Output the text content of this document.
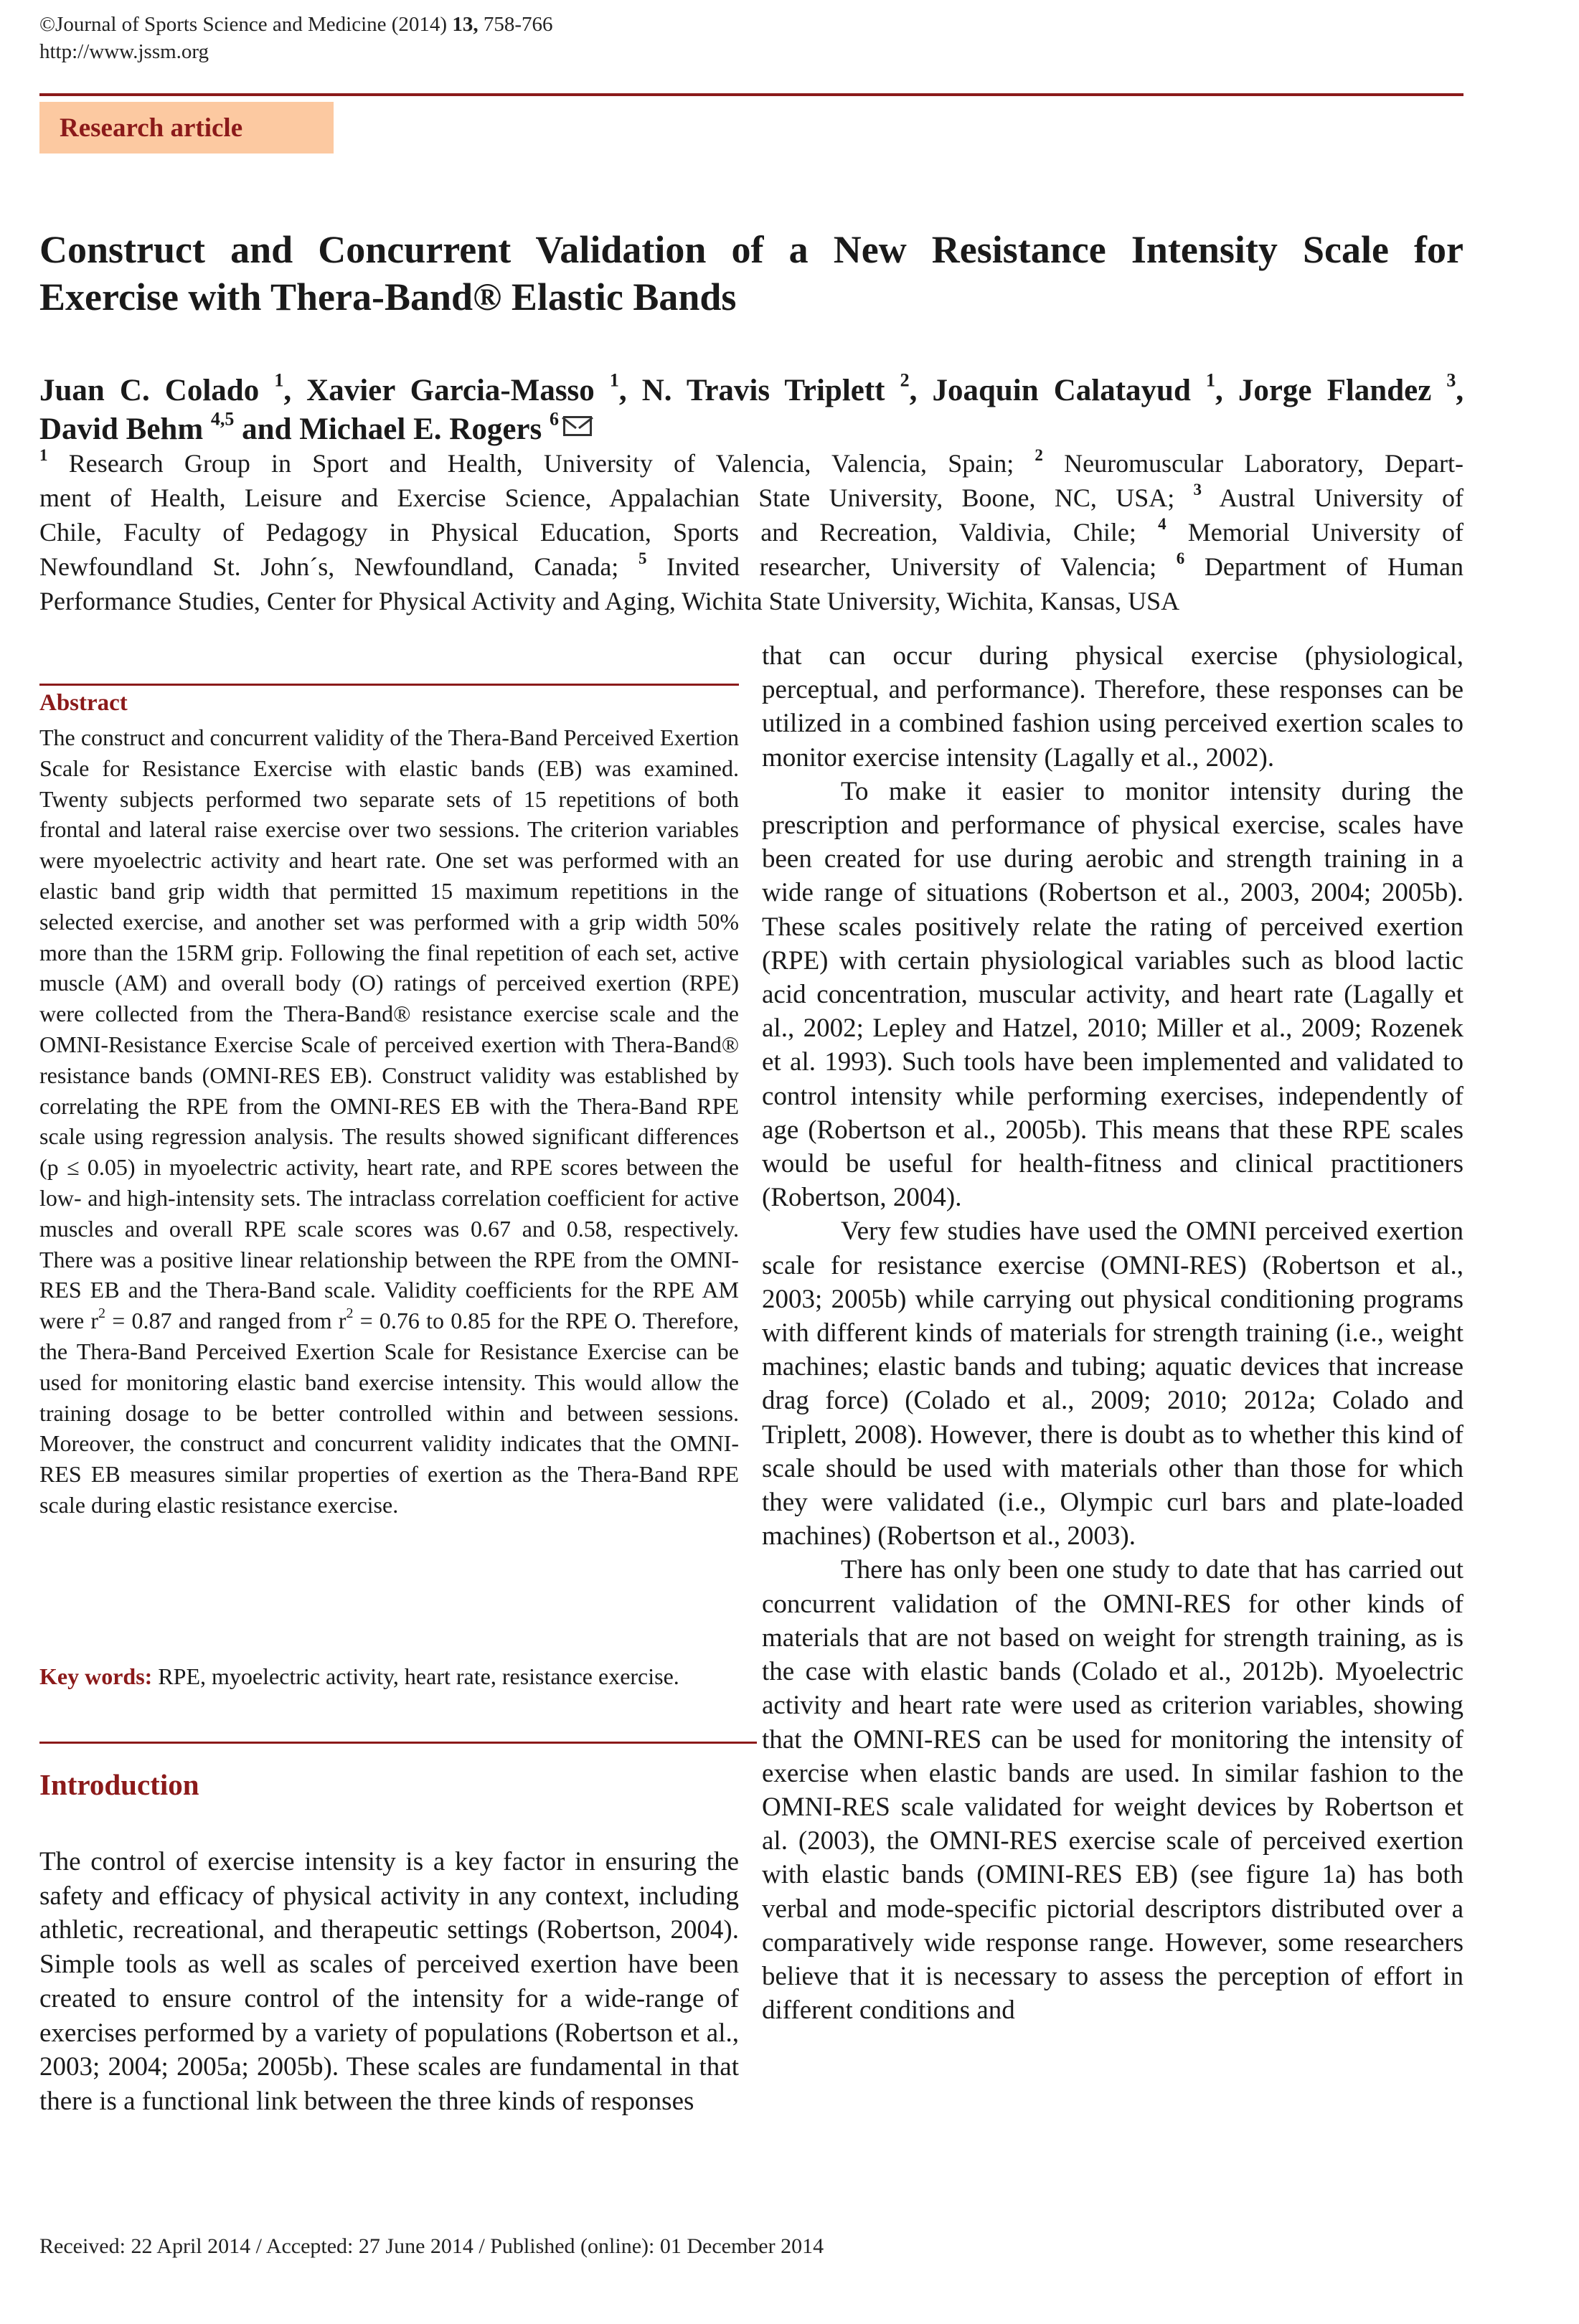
©Journal of Sports Science and Medicine (2014) 13, 758-766
http://www.jssm.org
Research article
Construct and Concurrent Validation of a New Resistance Intensity Scale for
Exercise with Thera-Band® Elastic Bands
Juan C. Colado $^1$, Xavier Garcia-Masso $^1$, N. Travis Triplett $^2$, Joaquin Calatayud $^1$, Jorge Flandez $^3$,
David Behm $^{4,5}$ and Michael E. Rogers $^6$
$^1$ Research Group in Sport and Health, University of Valencia, Valencia, Spain; $^2$ Neuromuscular Laboratory, Depart-
ment of Health, Leisure and Exercise Science, Appalachian State University, Boone, NC, USA; $^3$ Austral University of
Chile, Faculty of Pedagogy in Physical Education, Sports and Recreation, Valdivia, Chile; $^4$ Memorial University of
Newfoundland St. John´s, Newfoundland, Canada; $^5$ Invited researcher, University of Valencia; $^6$ Department of Human
Performance Studies, Center for Physical Activity and Aging, Wichita State University, Wichita, Kansas, USA
Abstract
The construct and concurrent validity of the Thera-Band Perceived Exertion Scale for Resistance Exercise with elastic bands (EB) was examined. Twenty subjects performed two separate sets of 15 repetitions of both frontal and lateral raise exercise over two sessions. The criterion variables were myoelectric activity and heart rate. One set was performed with an elastic band grip width that permitted 15 maximum repetitions in the selected exercise, and another set was performed with a grip width 50% more than the 15RM grip. Following the final repetition of each set, active muscle (AM) and overall body (O) ratings of perceived exertion (RPE) were collected from the Thera-Band® resistance exercise scale and the OMNI-Resistance Exercise Scale of perceived exertion with Thera-Band® resistance bands (OMNI-RES EB). Construct validity was established by correlating the RPE from the OMNI-RES EB with the Thera-Band RPE scale using regression analysis. The results showed significant differences (p ≤ 0.05) in myoelectric activity, heart rate, and RPE scores between the low- and high-intensity sets. The intraclass correlation coefficient for active muscles and overall RPE scale scores was 0.67 and 0.58, respectively. There was a positive linear relationship between the RPE from the OMNI-RES EB and the Thera-Band scale. Validity coefficients for the RPE AM were $r^2 = 0.87$ and ranged from $r^2 = 0.76$ to 0.85 for the RPE O. Therefore, the Thera-Band Perceived Exertion Scale for Resistance Exercise can be used for monitoring elastic band exercise intensity. This would allow the training dosage to be better controlled within and between sessions. Moreover, the construct and concurrent validity indicates that the OMNI-RES EB measures similar properties of exertion as the Thera-Band RPE scale during elastic resistance exercise.
Key words: RPE, myoelectric activity, heart rate, resistance exercise.
Introduction
The control of exercise intensity is a key factor in ensuring the safety and efficacy of physical activity in any context, including athletic, recreational, and therapeutic settings (Robertson, 2004). Simple tools as well as scales of perceived exertion have been created to ensure control of the intensity for a wide-range of exercises performed by a variety of populations (Robertson et al., 2003; 2004; 2005a; 2005b). These scales are fundamental in that there is a functional link between the three kinds of responses

that can occur during physical exercise (physiological, perceptual, and performance). Therefore, these responses can be utilized in a combined fashion using perceived exertion scales to monitor exercise intensity (Lagally et al., 2002).

To make it easier to monitor intensity during the prescription and performance of physical exercise, scales have been created for use during aerobic and strength training in a wide range of situations (Robertson et al., 2003, 2004; 2005b). These scales positively relate the rating of perceived exertion (RPE) with certain physiological variables such as blood lactic acid concentration, muscular activity, and heart rate (Lagally et al., 2002; Lepley and Hatzel, 2010; Miller et al., 2009; Rozenek et al. 1993). Such tools have been implemented and validated to control intensity while performing exercises, independently of age (Robertson et al., 2005b). This means that these RPE scales would be useful for health-fitness and clinical practitioners (Robertson, 2004).

Very few studies have used the OMNI perceived exertion scale for resistance exercise (OMNI-RES) (Robertson et al., 2003; 2005b) while carrying out physical conditioning programs with different kinds of materials for strength training (i.e., weight machines; elastic bands and tubing; aquatic devices that increase drag force) (Colado et al., 2009; 2010; 2012a; Colado and Triplett, 2008). However, there is doubt as to whether this kind of scale should be used with materials other than those for which they were validated (i.e., Olympic curl bars and plate-loaded machines) (Robertson et al., 2003).

There has only been one study to date that has carried out concurrent validation of the OMNI-RES for other kinds of materials that are not based on weight for strength training, as is the case with elastic bands (Colado et al., 2012b). Myoelectric activity and heart rate were used as criterion variables, showing that the OMNI-RES can be used for monitoring the intensity of exercise when elastic bands are used. In similar fashion to the OMNI-RES scale validated for weight devices by Robertson et al. (2003), the OMNI-RES exercise scale of perceived exertion with elastic bands (OMINI-RES EB) (see figure 1a) has both verbal and mode-specific pictorial descriptors distributed over a comparatively wide response range. However, some researchers believe that it is necessary to assess the perception of effort in different conditions and

Received: 22 April 2014 / Accepted: 27 June 2014 / Published (online): 01 December 2014
